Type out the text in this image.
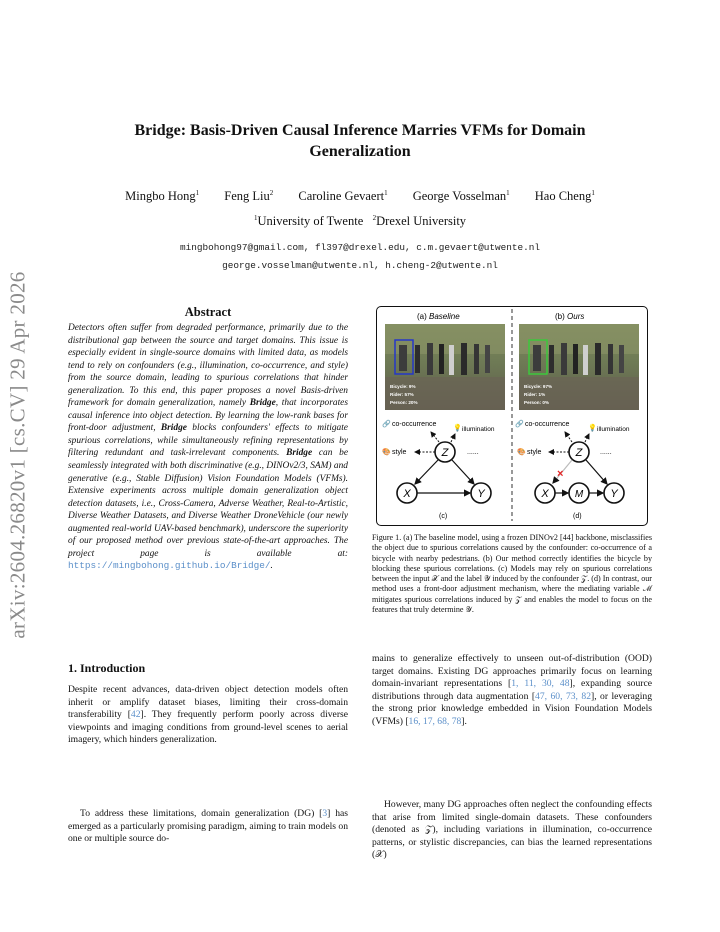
arXiv:2604.26820v1 [cs.CV] 29 Apr 2026
Bridge: Basis-Driven Causal Inference Marries VFMs for Domain
Generalization
Mingbo Hong$^1$ Feng Liu$^2$ Caroline Gevaert$^1$ George Vosselman$^1$ Hao Cheng$^1$
$^1$University of Twente $^2$Drexel University
mingbohong97@gmail.com, fl397@drexel.edu, c.m.gevaert@utwente.nl
george.vosselman@utwente.nl, h.cheng-2@utwente.nl
Abstract
Detectors often suffer from degraded performance, primarily due to the distributional gap between the source and target domains. This issue is especially evident in single-source domains with limited data, as models tend to rely on confounders (e.g., illumination, co-occurrence, and style) from the source domain, leading to spurious correlations that hinder generalization. To this end, this paper proposes a novel Basis-driven framework for domain generalization, namely Bridge, that incorporates causal inference into object detection. By learning the low-rank bases for front-door adjustment, Bridge blocks confounders' effects to mitigate spurious correlations, while simultaneously refining representations by filtering redundant and task-irrelevant components. Bridge can be seamlessly integrated with both discriminative (e.g., DINOv2/3, SAM) and generative (e.g., Stable Diffusion) Vision Foundation Models (VFMs). Extensive experiments across multiple domain generalization object detection datasets, i.e., Cross-Camera, Adverse Weather, Real-to-Artistic, Diverse Weather Datasets, and Diverse Weather DroneVehicle (our newly augmented real-world UAV-based benchmark), underscore the superiority of our proposed method over previous state-of-the-art approaches. The project page is available at: https://mingbohong.github.io/Bridge/.
1. Introduction
Despite recent advances, data-driven object detection models often inherit or amplify dataset biases, limiting their cross-domain transferability [42]. They frequently perform poorly across diverse viewpoints and imaging conditions from ground-level scenes to aerial imagery, which hinders generalization.
To address these limitations, domain generalization (DG) [3] has emerged as a particularly promising paradigm, aiming to train models on one or multiple source do-
(a) Baseline	(b) Ours
Bicycle: 9%
Rider: 57%
Person: 20%
Bicycle: 97%
Rider: 1%
Person: 0%
🔗 co-occurrence
💡 illumination
🎨 style	......
Z
X	Y
(c)
🔗 co-occurrence
💡 illumination
🎨 style	......
Z
×
X	M Y
(d)
Figure 1. (a) The baseline model, using a frozen DINOv2 [44] backbone, misclassifies the object due to spurious correlations caused by the confounder: co-occurrence of a bicycle with nearby pedestrians. (b) Our method correctly identifies the bicycle by blocking these spurious correlations. (c) Models may rely on spurious correlations between the input 𝒳 and the label 𝒴 induced by the confounder 𝒵. (d) In contrast, our method uses a front-door adjustment mechanism, where the mediating variable ℳ mitigates spurious correlations induced by 𝒵 and enables the model to focus on the features that truly determine 𝒴.
mains to generalize effectively to unseen out-of-distribution (OOD) target domains. Existing DG approaches primarily focus on learning domain-invariant representations [1, 11, 30, 48], expanding source distributions through data augmentation [47, 60, 73, 82], or leveraging the strong prior knowledge embedded in Vision Foundation Models (VFMs) [16, 17, 68, 78].
However, many DG approaches often neglect the confounding effects that arise from limited single-domain datasets. These confounders (denoted as 𝒵), including variations in illumination, co-occurrence patterns, or stylistic discrepancies, can bias the learned representations (𝒳)
